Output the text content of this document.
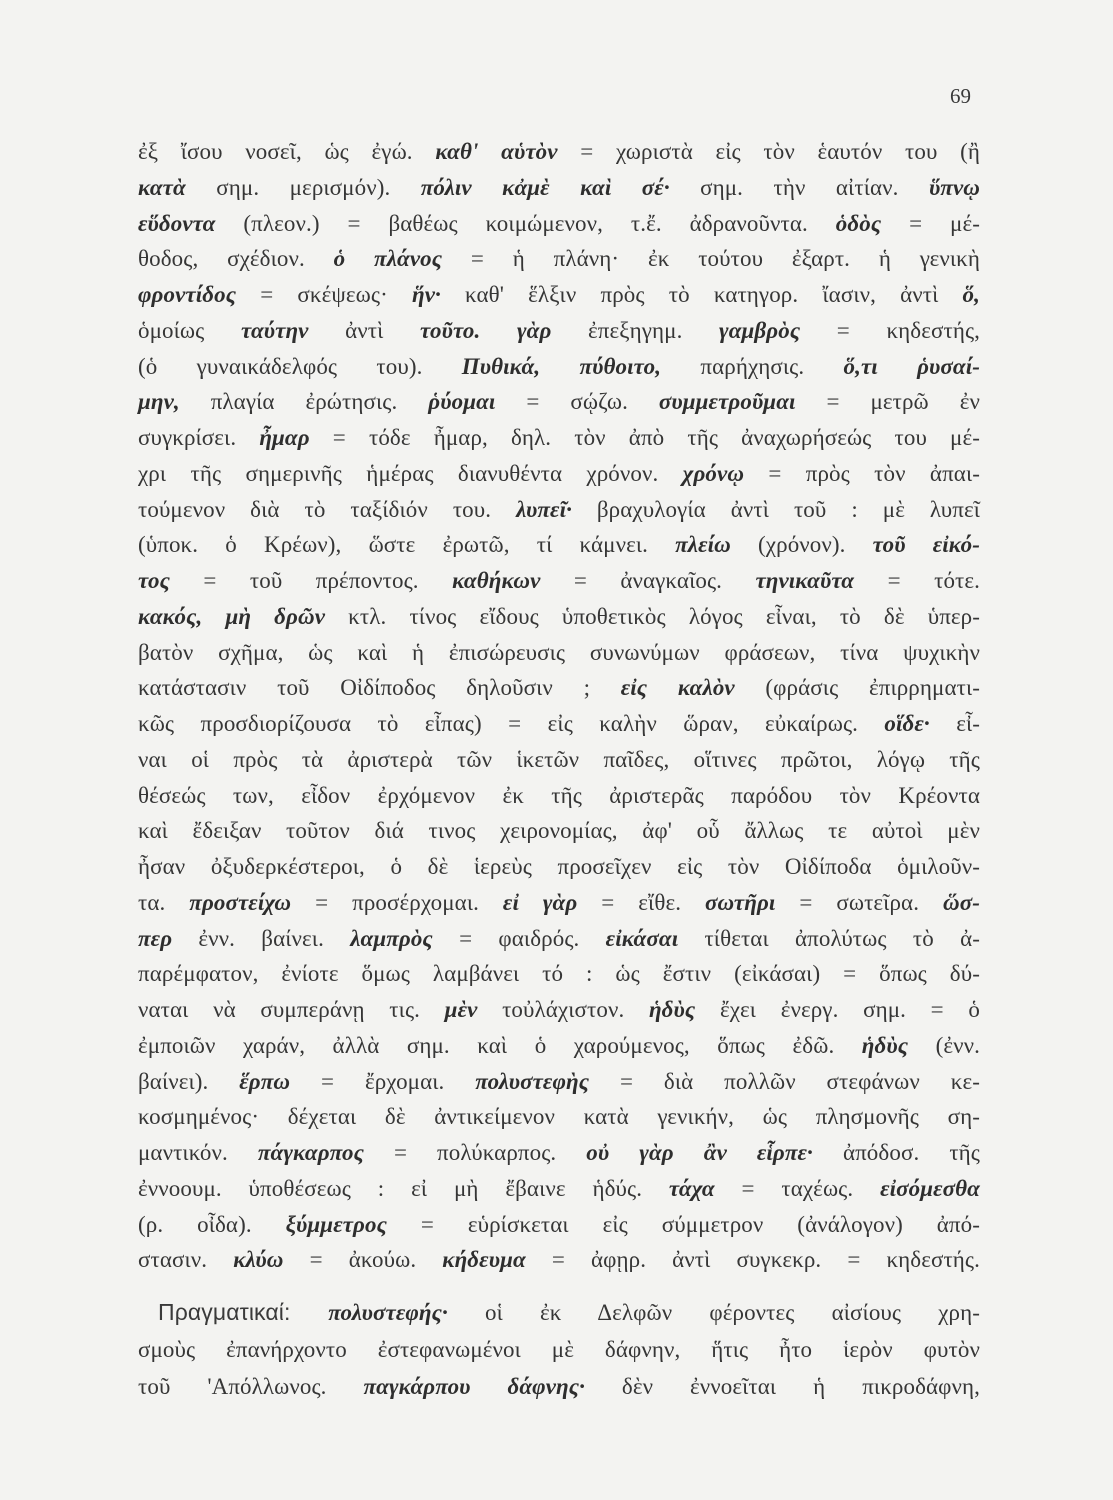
69
ἐξ ἴσου νοσεῖ, ὡς ἐγώ. καθ' αὑτὸν = χωριστὰ εἰς τὸν ἑαυτόν του (ἢ
κατὰ σημ. μερισμόν). πόλιν κἀμὲ καὶ σέ· σημ. τὴν αἰτίαν. ὕπνῳ
εὕδοντα (πλεον.) = βαθέως κοιμώμενον, τ.ἔ. ἀδρανοῦντα. ὁδὸς = μέ-
θοδος, σχέδιον. ὁ πλάνος = ἡ πλάνη· ἐκ τούτου ἐξαρτ. ἡ γενικὴ
φροντίδος = σκέψεως· ἥν· καθ' ἕλξιν πρὸς τὸ κατηγορ. ἴασιν, ἀντὶ ὅ,
ὁμοίως ταύτην ἀντὶ τοῦτο. γὰρ ἐπεξηγημ. γαμβρὸς = κηδεστής,
(ὁ γυναικάδελφός του). Πυθικά, πύθοιτο, παρήχησις. ὅ,τι ῥυσαί-
μην, πλαγία ἐρώτησις. ῥύομαι = σῴζω. συμμετροῦμαι = μετρῶ ἐν
συγκρίσει. ἦμαρ = τόδε ἦμαρ, δηλ. τὸν ἀπὸ τῆς ἀναχωρήσεώς του μέ-
χρι τῆς σημερινῆς ἡμέρας διανυθέντα χρόνον. χρόνῳ = πρὸς τὸν ἀπαι-
τούμενον διὰ τὸ ταξίδιόν του. λυπεῖ· βραχυλογία ἀντὶ τοῦ : μὲ λυπεῖ
(ὑποκ. ὁ Κρέων), ὥστε ἐρωτῶ, τί κάμνει. πλείω (χρόνον). τοῦ εἰκό-
τος = τοῦ πρέποντος. καθήκων = ἀναγκαῖος. τηνικαῦτα = τότε.
κακός, μὴ δρῶν κτλ. τίνος εἴδους ὑποθετικὸς λόγος εἶναι, τὸ δὲ ὑπερ-
βατὸν σχῆμα, ὡς καὶ ἡ ἐπισώρευσις συνωνύμων φράσεων, τίνα ψυχικὴν
κατάστασιν τοῦ Οἰδίποδος δηλοῦσιν ; εἰς καλὸν (φράσις ἐπιρρηματι-
κῶς προσδιορίζουσα τὸ εἶπας) = εἰς καλὴν ὥραν, εὐκαίρως. οἵδε· εἶ-
ναι οἱ πρὸς τὰ ἀριστερὰ τῶν ἱκετῶν παῖδες, οἵτινες πρῶτοι, λόγῳ τῆς
θέσεώς των, εἶδον ἐρχόμενον ἐκ τῆς ἀριστερᾶς παρόδου τὸν Κρέοντα
καὶ ἔδειξαν τοῦτον διά τινος χειρονομίας, ἀφ' οὗ ἄλλως τε αὐτοὶ μὲν
ἦσαν ὀξυδερκέστεροι, ὁ δὲ ἱερεὺς προσεῖχεν εἰς τὸν Οἰδίποδα ὁμιλοῦν-
τα. προστείχω = προσέρχομαι. εἰ γὰρ = εἴθε. σωτῆρι = σωτεῖρα. ὥσ-
περ ἐνν. βαίνει. λαμπρὸς = φαιδρός. εἰκάσαι τίθεται ἀπολύτως τὸ ἀ-
παρέμφατον, ἐνίοτε ὅμως λαμβάνει τό : ὡς ἔστιν (εἰκάσαι) = ὅπως δύ-
ναται νὰ συμπεράνῃ τις. μὲν τοὐλάχιστον. ἡδὺς ἔχει ἐνεργ. σημ. = ὁ
ἐμποιῶν χαράν, ἀλλὰ σημ. καὶ ὁ χαρούμενος, ὅπως ἐδῶ. ἡδὺς (ἐνν.
βαίνει). ἕρπω = ἔρχομαι. πολυστεφὴς = διὰ πολλῶν στεφάνων κε-
κοσμημένος· δέχεται δὲ ἀντικείμενον κατὰ γενικήν, ὡς πλησμονῆς ση-
μαντικόν. πάγκαρπος = πολύκαρπος. οὐ γὰρ ἂν εἷρπε· ἀπόδοσ. τῆς
ἐννοουμ. ὑποθέσεως : εἰ μὴ ἔβαινε ἡδύς. τάχα = ταχέως. εἰσόμεσθα
(ρ. οἶδα). ξύμμετρος = εὑρίσκεται εἰς σύμμετρον (ἀνάλογον) ἀπό-
στασιν. κλύω = ἀκούω. κήδευμα = ἀφῃρ. ἀντὶ συγκεκρ. = κηδεστής.
Πραγματικαί: πολυστεφής· οἱ ἐκ Δελφῶν φέροντες αἰσίους χρη-
σμοὺς ἐπανήρχοντο ἐστεφανωμένοι μὲ δάφνην, ἥτις ἦτο ἱερὸν φυτὸν
τοῦ 'Απόλλωνος. παγκάρπου δάφνης· δὲν ἐννοεῖται ἡ πικροδάφνη,
